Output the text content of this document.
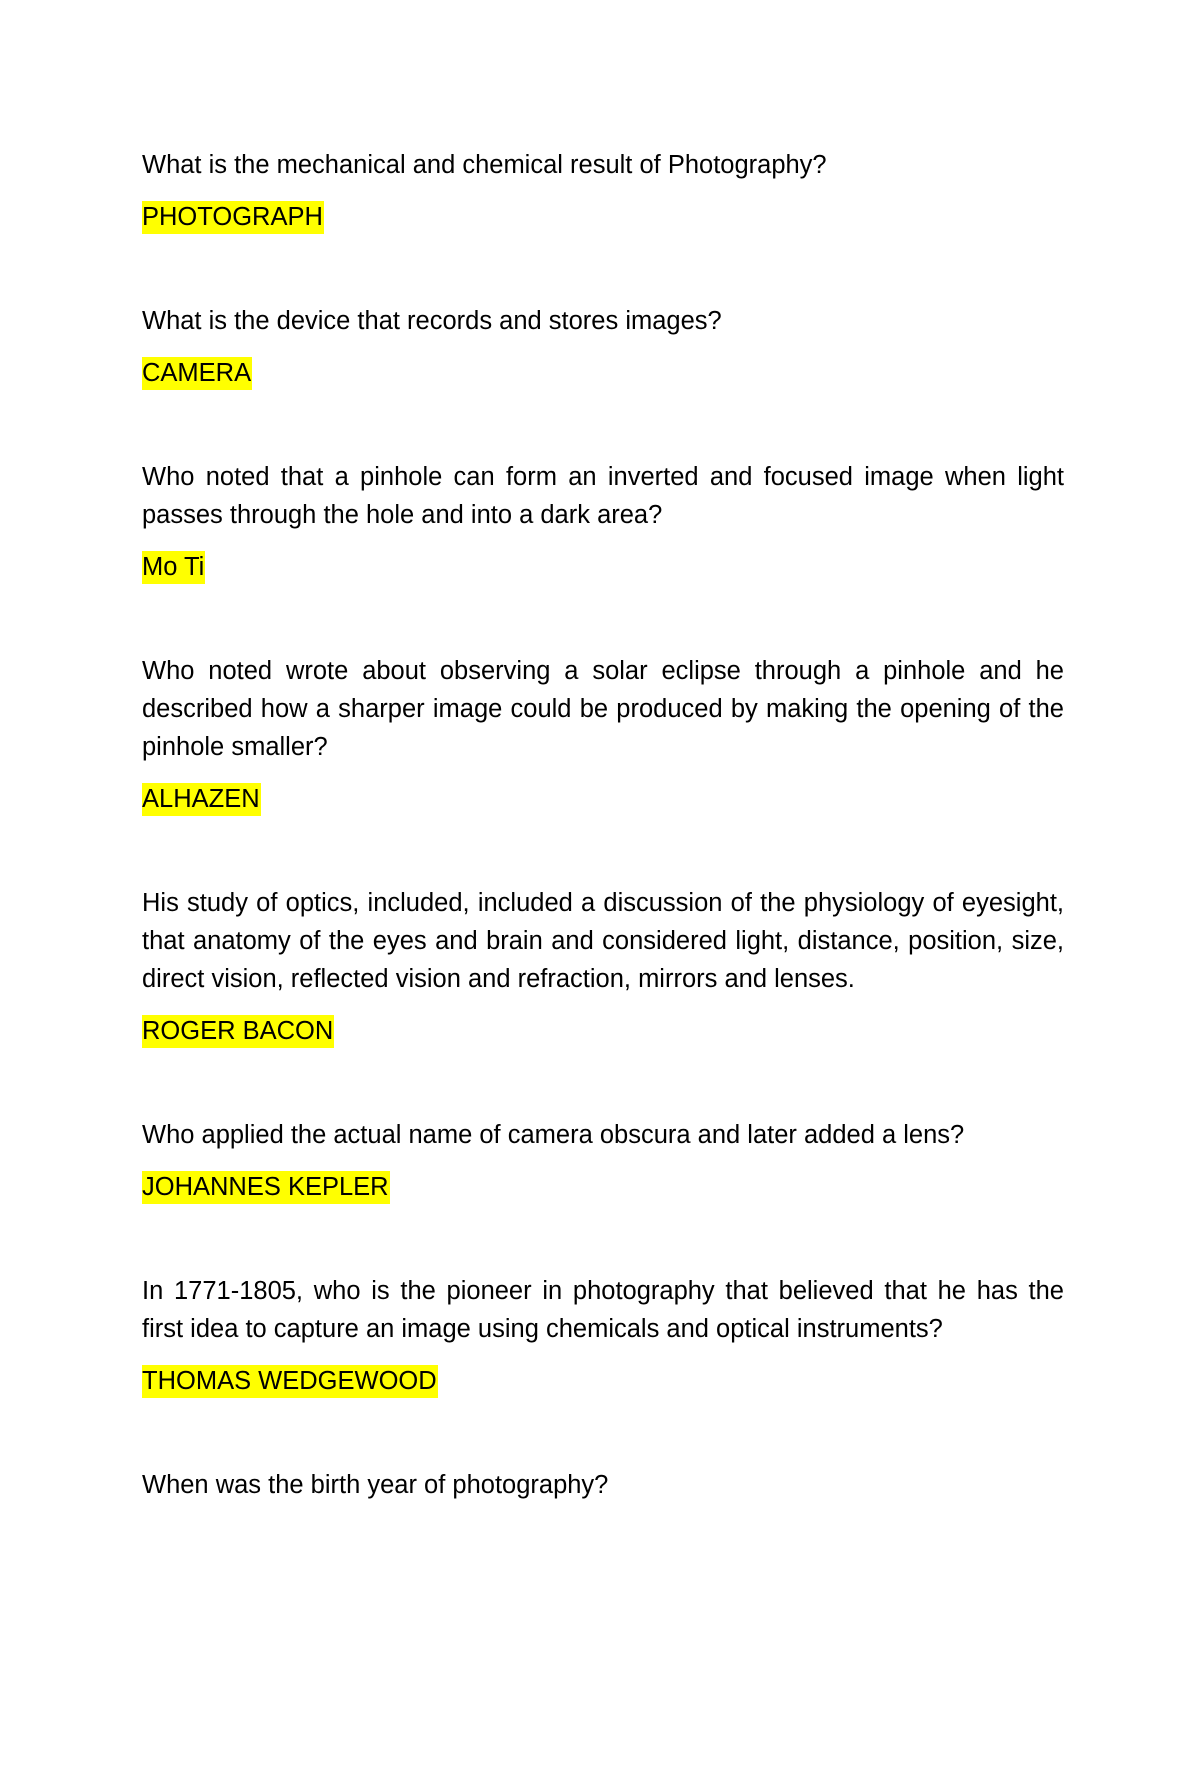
What is the mechanical and chemical result of Photography?

PHOTOGRAPH

What is the device that records and stores images?

CAMERA

Who noted that a pinhole can form an inverted and focused image when light passes through the hole and into a dark area?

Mo Ti

Who noted wrote about observing a solar eclipse through a pinhole and he described how a sharper image could be produced by making the opening of the pinhole smaller?

ALHAZEN

His study of optics, included, included a discussion of the physiology of eyesight, that anatomy of the eyes and brain and considered light, distance, position, size, direct vision, reflected vision and refraction, mirrors and lenses.

ROGER BACON

Who applied the actual name of camera obscura and later added a lens?

JOHANNES KEPLER

In 1771-1805, who is the pioneer in photography that believed that he has the first idea to capture an image using chemicals and optical instruments?

THOMAS WEDGEWOOD

When was the birth year of photography?
